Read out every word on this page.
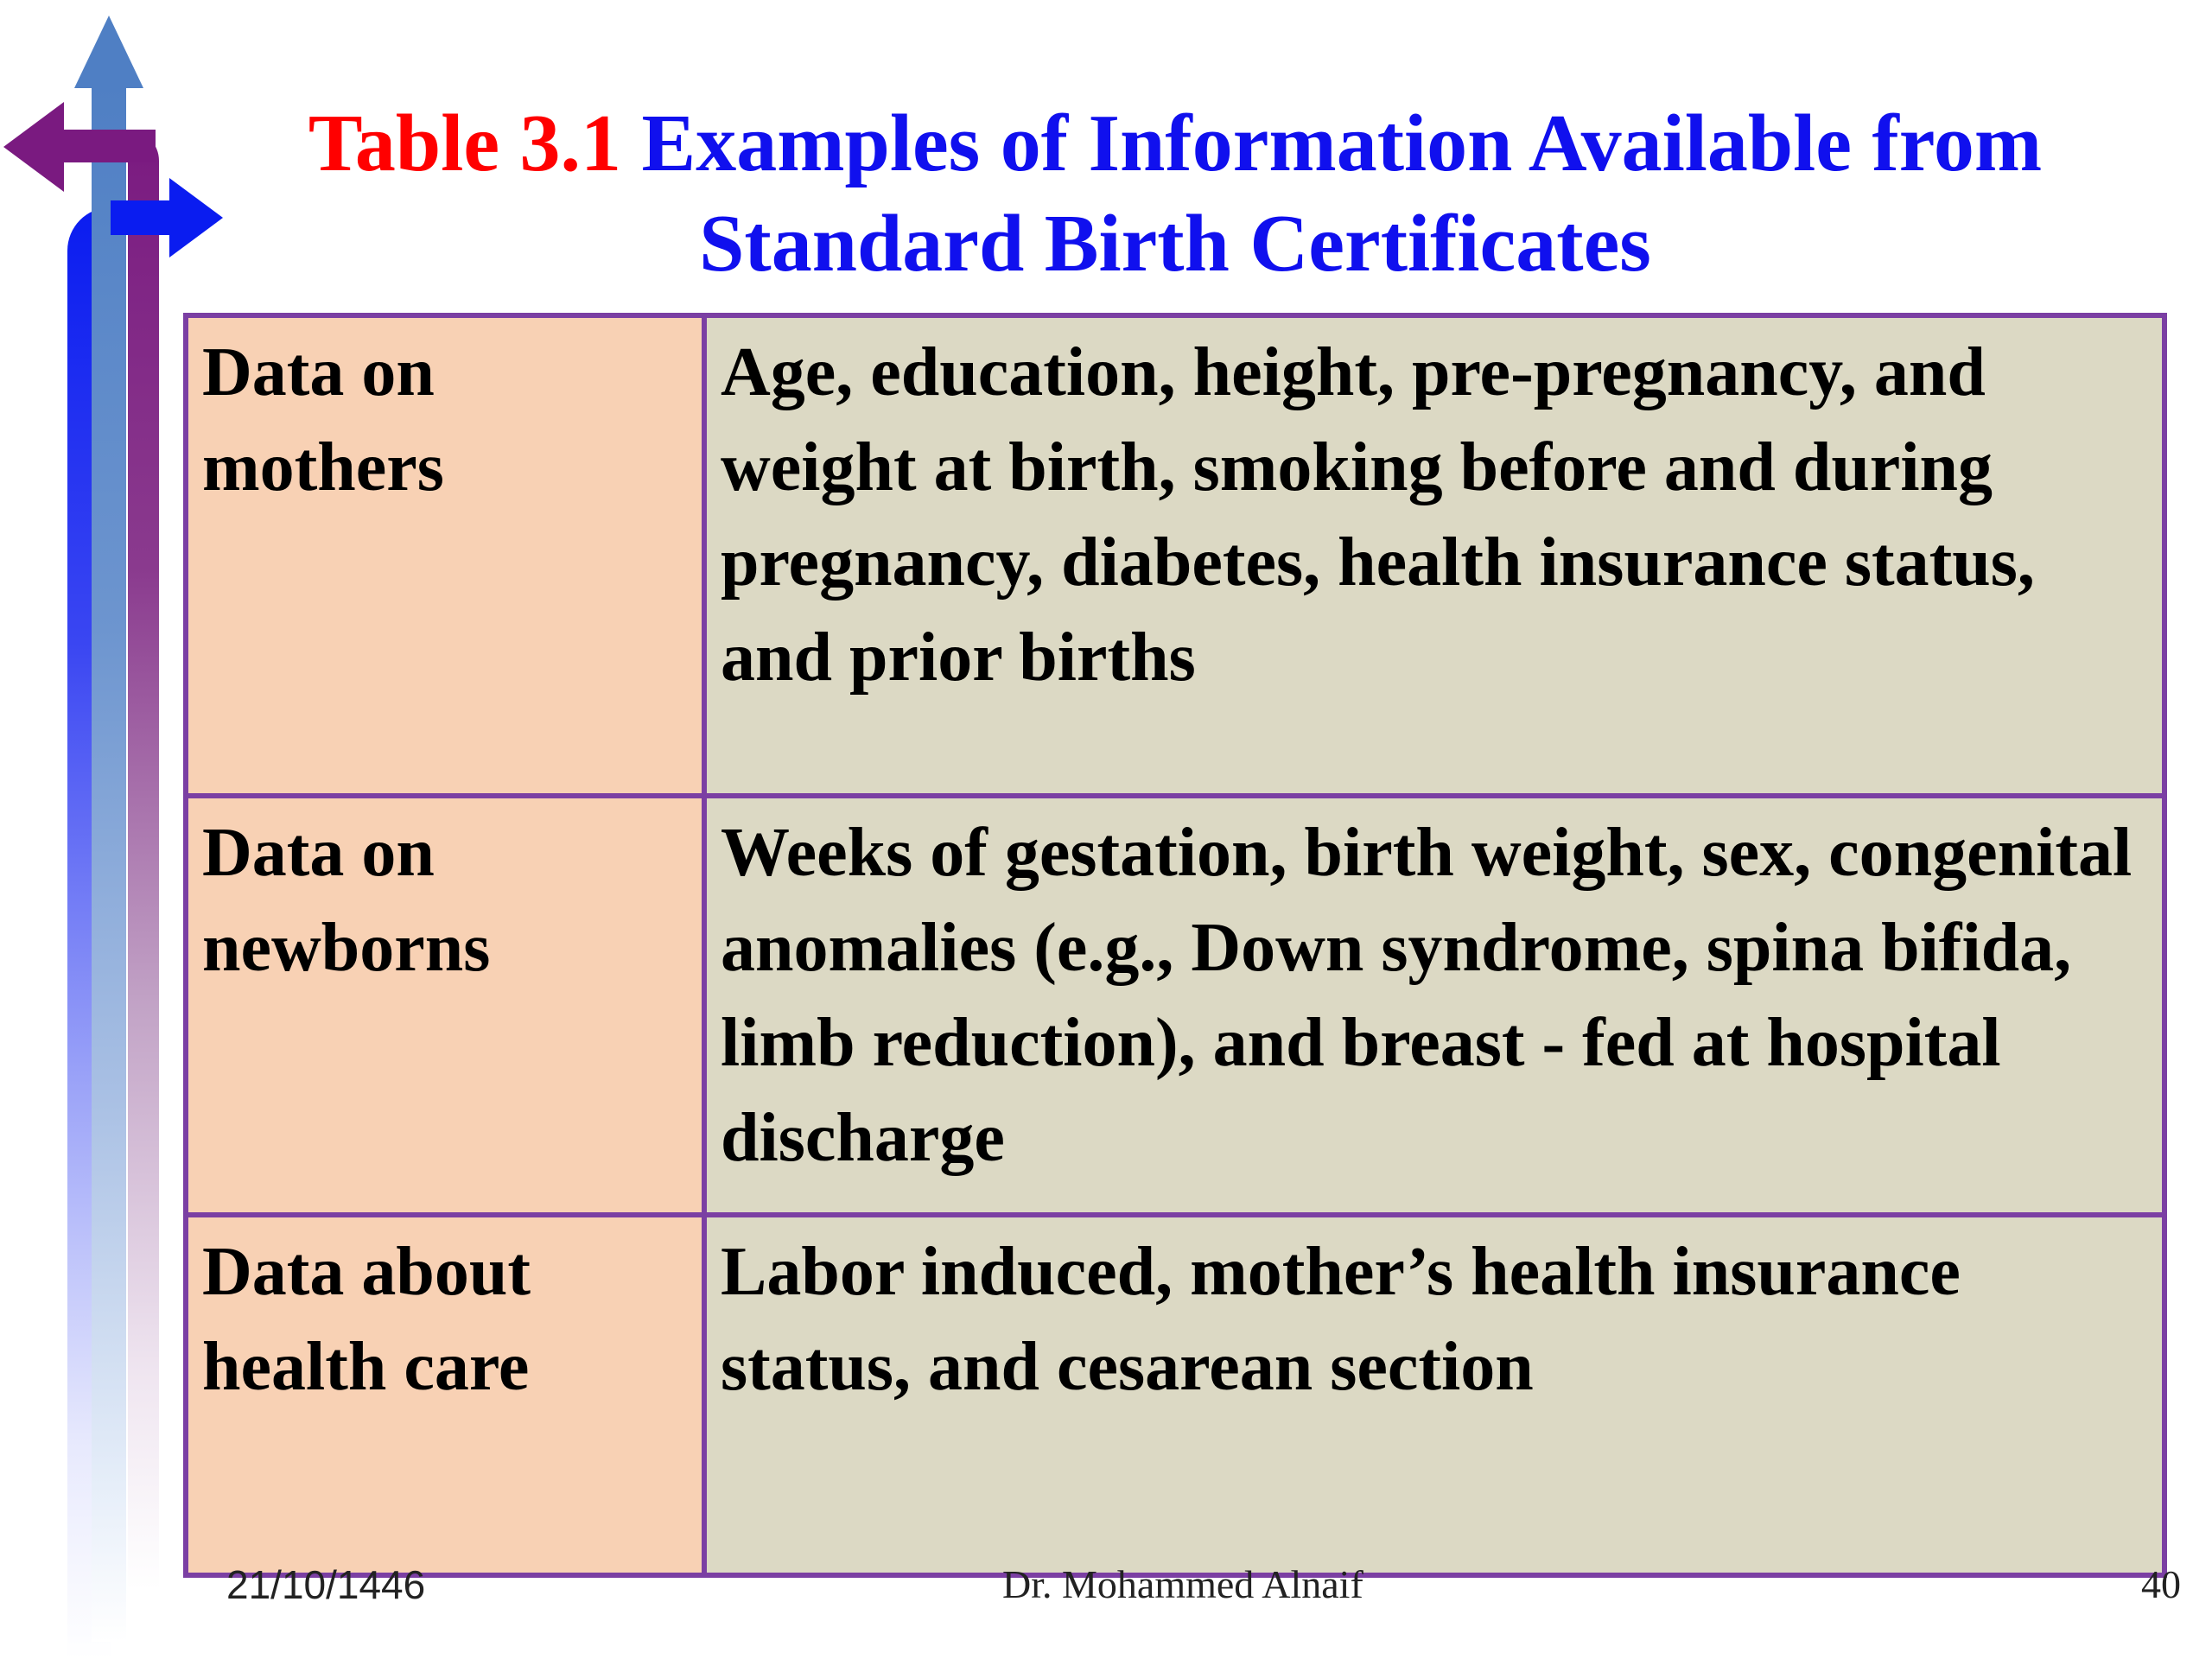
Table 3.1 Examples of Information Available from Standard Birth Certificates
Data on mothers	Age, education, height, pre-pregnancy, and weight at birth, smoking before and during pregnancy, diabetes, health insurance status, and prior births
Data on newborns	Weeks of gestation, birth weight, sex, congenital anomalies (e.g., Down syndrome, spina bifida, limb reduction), and breast - fed at hospital discharge
Data about health care	Labor induced, mother’s health insurance status, and cesarean section
21/10/1446	Dr. Mohammed Alnaif	40
